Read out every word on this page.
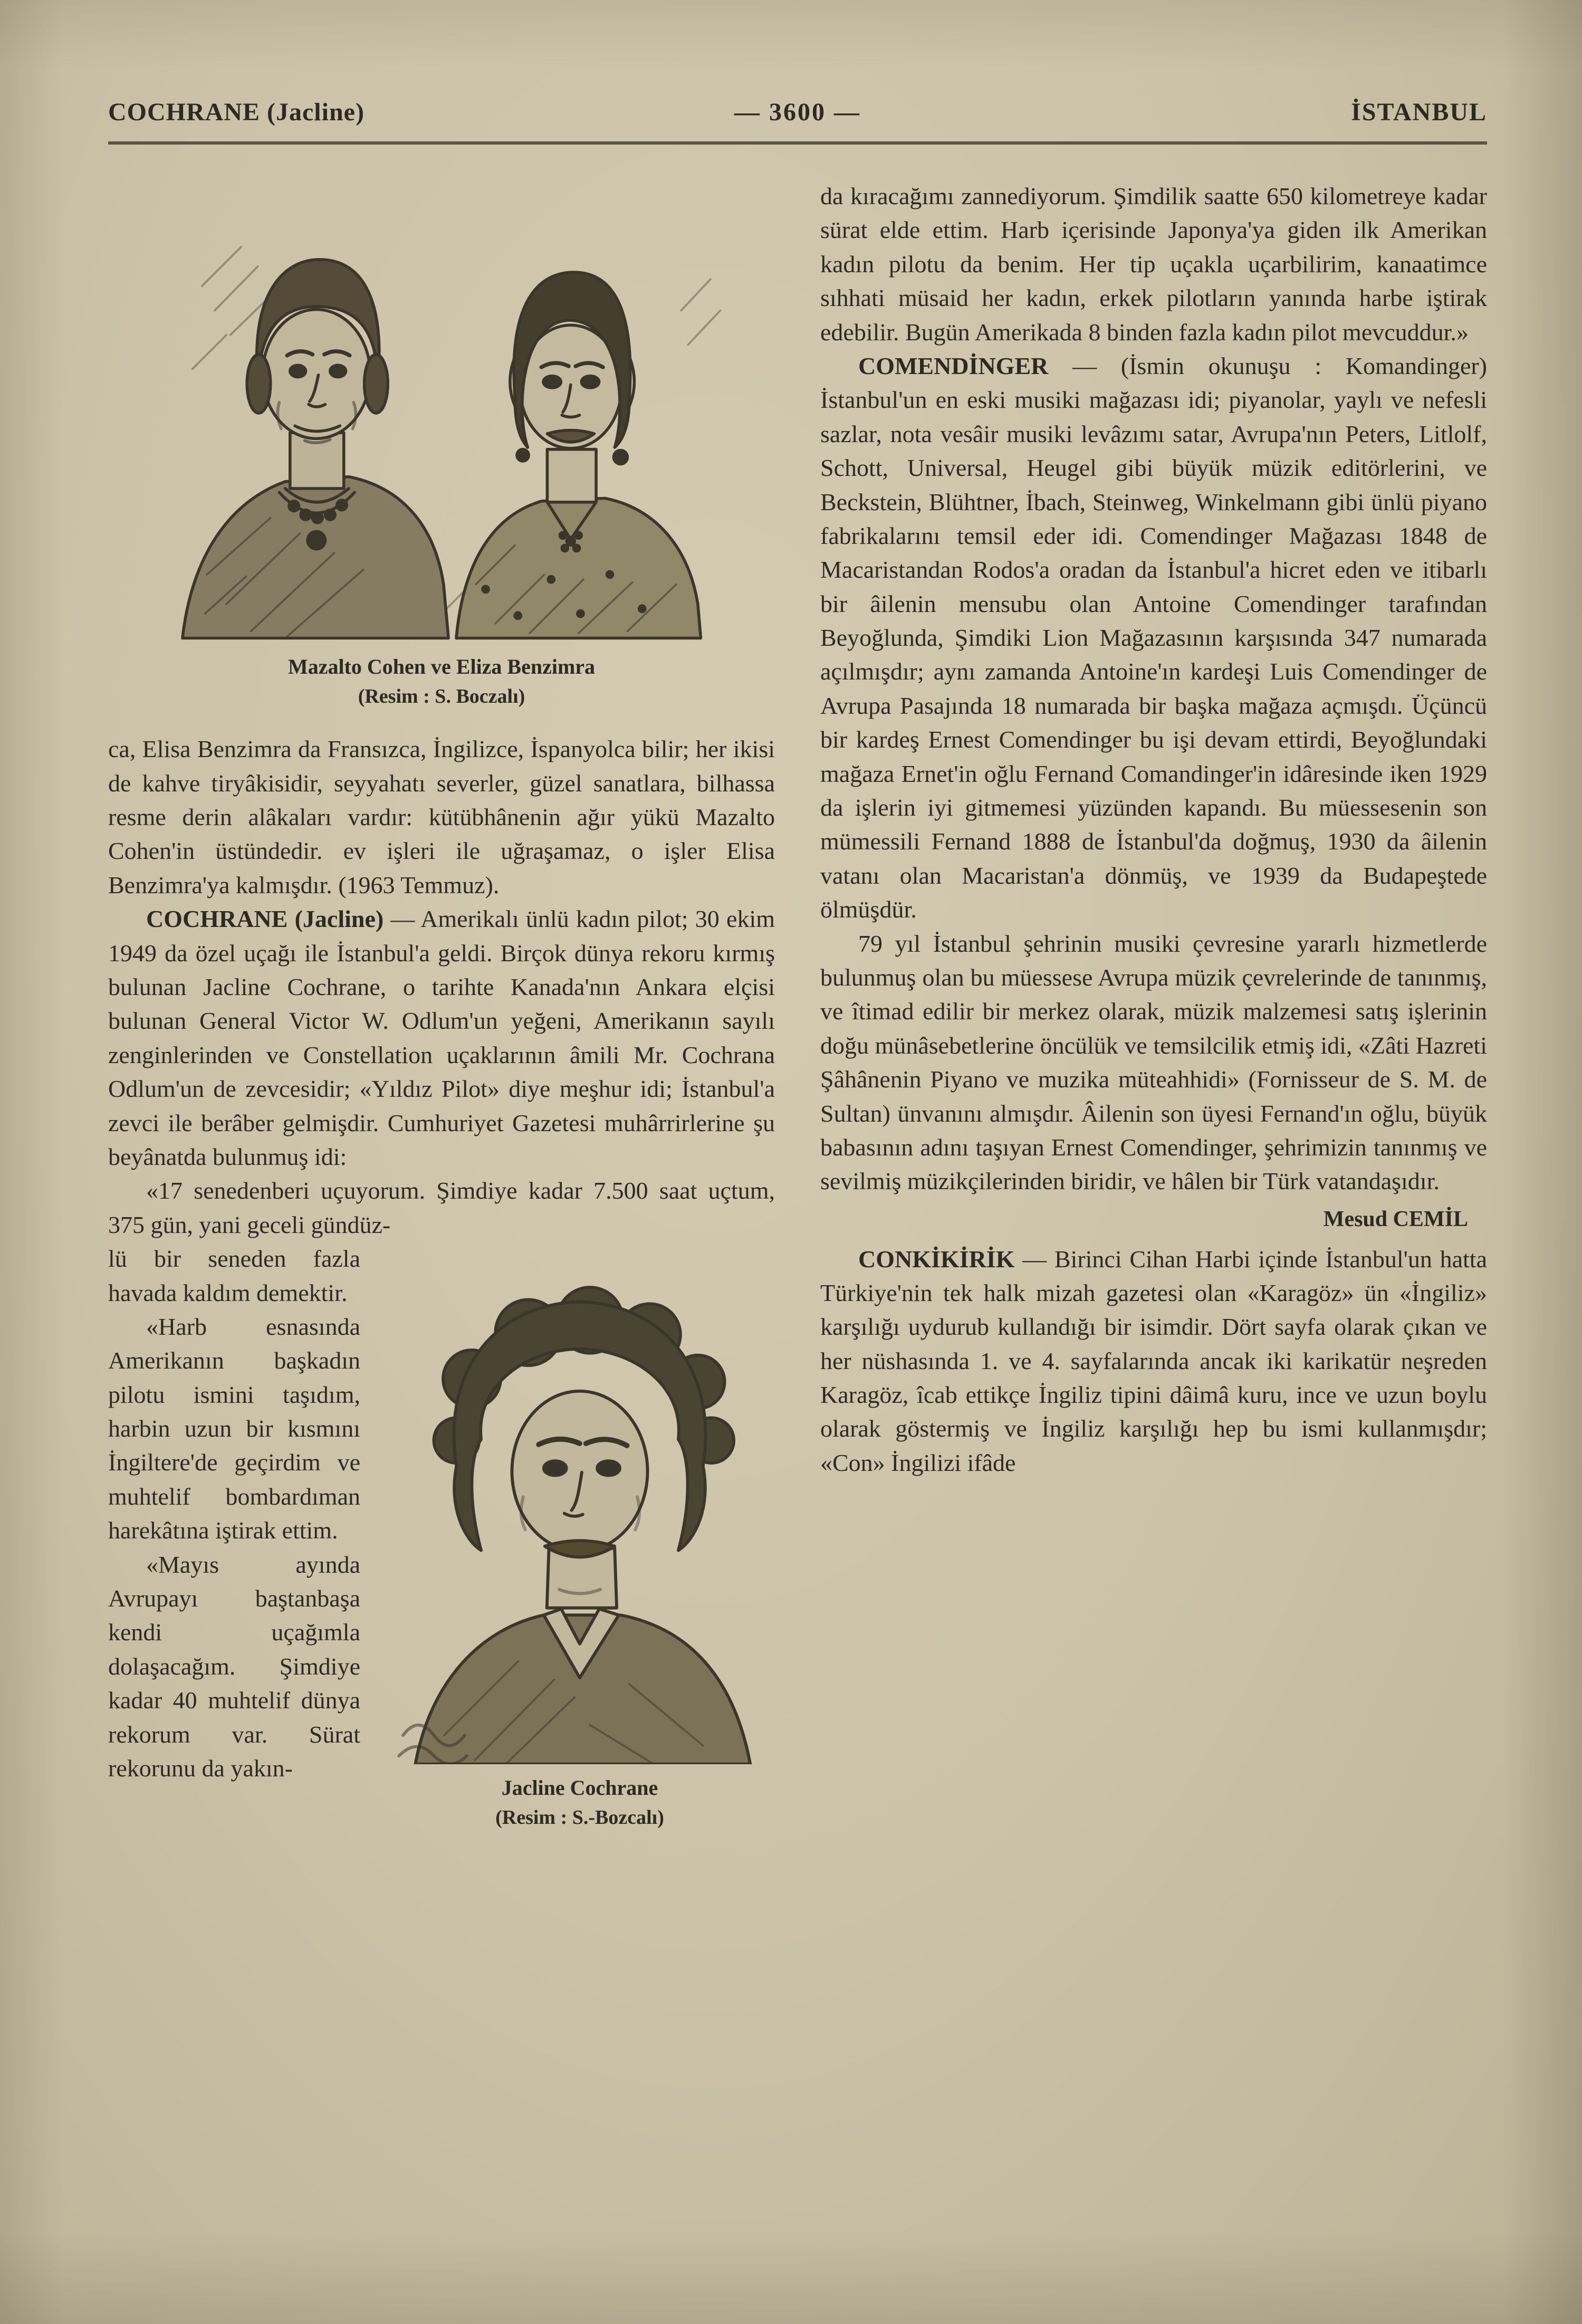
COCHRANE (Jacline)	— 3600 —	İSTANBUL
Mazalto Cohen ve Eliza Benzimra
(Resim : S. Boczalı)

ca, Elisa Benzimra da Fransızca, İngilizce, İspanyolca bilir; her ikisi de kahve tiryâkisidir, seyyahatı severler, güzel sanatlara, bilhassa resme derin alâkaları vardır: kütübhânenin ağır yükü Mazalto Cohen'in üstündedir. ev işleri ile uğraşamaz, o işler Elisa Benzimra'ya kalmışdır. (1963 Temmuz).

COCHRANE (Jacline) — Amerikalı ünlü kadın pilot; 30 ekim 1949 da özel uçağı ile İstanbul'a geldi. Birçok dünya rekoru kırmış bulunan Jacline Cochrane, o tarihte Kanada'nın Ankara elçisi bulunan General Victor W. Odlum'un yeğeni, Amerikanın sayılı zenginlerinden ve Constellation uçaklarının âmili Mr. Cochrana Odlum'un de zevcesidir; «Yıldız Pilot» diye meşhur idi; İstanbul'a zevci ile berâber gelmişdir. Cumhuriyet Gazetesi muhârrirlerine şu beyânatda bulunmuş idi:

«17 senedenberi uçuyorum. Şimdiye kadar 7.500 saat uçtum, 375 gün, yani geceli gündüz-

Jacline Cochrane
(Resim : S.-Bozcalı)

lü bir seneden fazla havada kaldım demektir.

«Harb esnasında Amerikanın başkadın pilotu ismini taşıdım, harbin uzun bir kısmını İngiltere'de geçirdim ve muhtelif bombardıman harekâtına iştirak ettim.

«Mayıs ayında Avrupayı baştanbaşa kendi uçağımla dolaşacağım. Şimdiye kadar 40 muhtelif dünya rekorum var. Sürat rekorunu da yakın-

da kıracağımı zannediyorum. Şimdilik saatte 650 kilometreye kadar sürat elde ettim. Harb içerisinde Japonya'ya giden ilk Amerikan kadın pilotu da benim. Her tip uçakla uçarbilirim, kanaatimce sıhhati müsaid her kadın, erkek pilotların yanında harbe iştirak edebilir. Bugün Amerikada 8 binden fazla kadın pilot mevcuddur.»

COMENDİNGER — (İsmin okunuşu : Komandinger) İstanbul'un en eski musiki mağazası idi; piyanolar, yaylı ve nefesli sazlar, nota vesâir musiki levâzımı satar, Avrupa'nın Peters, Litlolf, Schott, Universal, Heugel gibi büyük müzik editörlerini, ve Beckstein, Blühtner, İbach, Steinweg, Winkelmann gibi ünlü piyano fabrikalarını temsil eder idi. Comendinger Mağazası 1848 de Macaristandan Rodos'a oradan da İstanbul'a hicret eden ve itibarlı bir âilenin mensubu olan Antoine Comendinger tarafından Beyoğlunda, Şimdiki Lion Mağazasının karşısında 347 numarada açılmışdır; aynı zamanda Antoine'ın kardeşi Luis Comendinger de Avrupa Pasajında 18 numarada bir başka mağaza açmışdı. Üçüncü bir kardeş Ernest Comendinger bu işi devam ettirdi, Beyoğlundaki mağaza Ernet'in oğlu Fernand Comandinger'in idâresinde iken 1929 da işlerin iyi gitmemesi yüzünden kapandı. Bu müessesenin son mümessili Fernand 1888 de İstanbul'da doğmuş, 1930 da âilenin vatanı olan Macaristan'a dönmüş, ve 1939 da Budapeştede ölmüşdür.

79 yıl İstanbul şehrinin musiki çevresine yararlı hizmetlerde bulunmuş olan bu müessese Avrupa müzik çevrelerinde de tanınmış, ve îtimad edilir bir merkez olarak, müzik malzemesi satış işlerinin doğu münâsebetlerine öncülük ve temsilcilik etmiş idi, «Zâti Hazreti Şâhânenin Piyano ve muzika müteahhidi» (Fornisseur de S. M. de Sultan) ünvanını almışdır. Âilenin son üyesi Fernand'ın oğlu, büyük babasının adını taşıyan Ernest Comendinger, şehrimizin tanınmış ve sevilmiş müzikçilerinden biridir, ve hâlen bir Türk vatandaşıdır.

Mesud CEMİL

CONKİKİRİK — Birinci Cihan Harbi içinde İstanbul'un hatta Türkiye'nin tek halk mizah gazetesi olan «Karagöz» ün «İngiliz» karşılığı uydurub kullandığı bir isimdir. Dört sayfa olarak çıkan ve her nüshasında 1. ve 4. sayfalarında ancak iki karikatür neşreden Karagöz, îcab ettikçe İngiliz tipini dâimâ kuru, ince ve uzun boylu olarak göstermiş ve İngiliz karşılığı hep bu ismi kullanmışdır; «Con» İngilizi ifâde
